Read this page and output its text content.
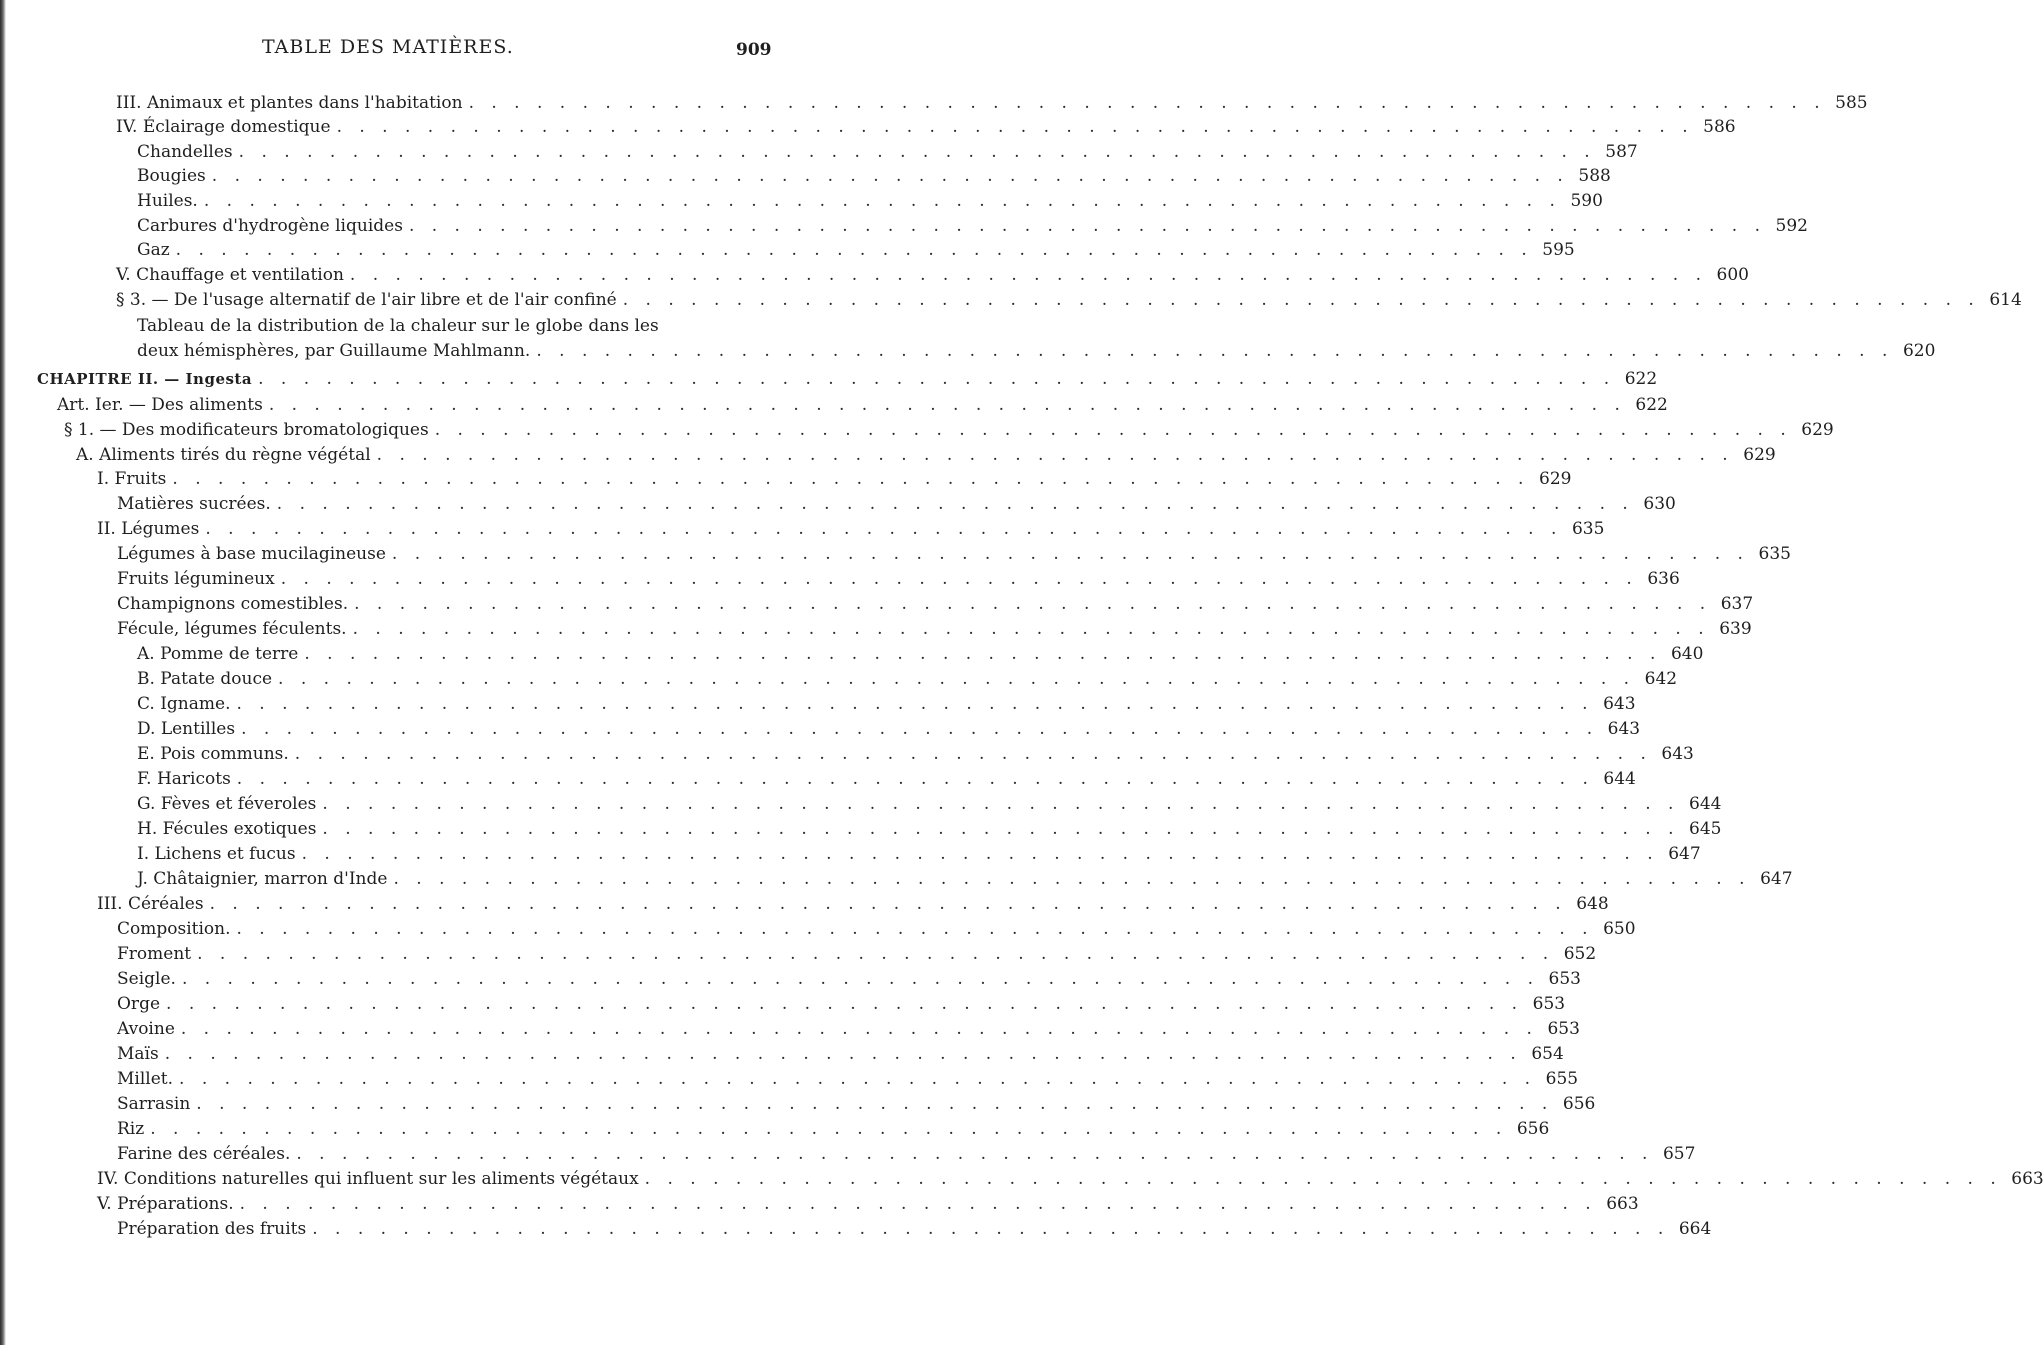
TABLE DES MATIÈRES.	909
III. Animaux et plantes dans l'habitation . . . . . . . . . . . . . . . . . . . . . . . . . . . . . . . . . . . . . . . . . . . . . . . . . . . . . . . . . . . . 585
IV. Éclairage domestique . . . . . . . . . . . . . . . . . . . . . . . . . . . . . . . . . . . . . . . . . . . . . . . . . . . . . . . . . . . . 586
Chandelles . . . . . . . . . . . . . . . . . . . . . . . . . . . . . . . . . . . . . . . . . . . . . . . . . . . . . . . . . . . . 587
Bougies . . . . . . . . . . . . . . . . . . . . . . . . . . . . . . . . . . . . . . . . . . . . . . . . . . . . . . . . . . . . 588
Huiles. . . . . . . . . . . . . . . . . . . . . . . . . . . . . . . . . . . . . . . . . . . . . . . . . . . . . . . . . . . . . 590
Carbures d'hydrogène liquides . . . . . . . . . . . . . . . . . . . . . . . . . . . . . . . . . . . . . . . . . . . . . . . . . . . . . . . . . . . . 592
Gaz . . . . . . . . . . . . . . . . . . . . . . . . . . . . . . . . . . . . . . . . . . . . . . . . . . . . . . . . . . . . 595
V. Chauffage et ventilation . . . . . . . . . . . . . . . . . . . . . . . . . . . . . . . . . . . . . . . . . . . . . . . . . . . . . . . . . . . . 600
§ 3. — De l'usage alternatif de l'air libre et de l'air confiné . . . . . . . . . . . . . . . . . . . . . . . . . . . . . . . . . . . . . . . . . . . . . . . . . . . . . . . . . . . . 614
Tableau de la distribution de la chaleur sur le globe dans les
deux hémisphères, par Guillaume Mahlmann. . . . . . . . . . . . . . . . . . . . . . . . . . . . . . . . . . . . . . . . . . . . . . . . . . . . . . . . . . . . . 620
CHAPITRE II. — Ingesta . . . . . . . . . . . . . . . . . . . . . . . . . . . . . . . . . . . . . . . . . . . . . . . . . . . . . . . . . . . . 622
Art. Ier. — Des aliments . . . . . . . . . . . . . . . . . . . . . . . . . . . . . . . . . . . . . . . . . . . . . . . . . . . . . . . . . . . . 622
§ 1. — Des modificateurs bromatologiques . . . . . . . . . . . . . . . . . . . . . . . . . . . . . . . . . . . . . . . . . . . . . . . . . . . . . . . . . . . . 629
A. Aliments tirés du règne végétal . . . . . . . . . . . . . . . . . . . . . . . . . . . . . . . . . . . . . . . . . . . . . . . . . . . . . . . . . . . . 629
I. Fruits . . . . . . . . . . . . . . . . . . . . . . . . . . . . . . . . . . . . . . . . . . . . . . . . . . . . . . . . . . . . 629
Matières sucrées. . . . . . . . . . . . . . . . . . . . . . . . . . . . . . . . . . . . . . . . . . . . . . . . . . . . . . . . . . . . . 630
II. Légumes . . . . . . . . . . . . . . . . . . . . . . . . . . . . . . . . . . . . . . . . . . . . . . . . . . . . . . . . . . . . 635
Légumes à base mucilagineuse . . . . . . . . . . . . . . . . . . . . . . . . . . . . . . . . . . . . . . . . . . . . . . . . . . . . . . . . . . . . 635
Fruits légumineux . . . . . . . . . . . . . . . . . . . . . . . . . . . . . . . . . . . . . . . . . . . . . . . . . . . . . . . . . . . . 636
Champignons comestibles. . . . . . . . . . . . . . . . . . . . . . . . . . . . . . . . . . . . . . . . . . . . . . . . . . . . . . . . . . . . . 637
Fécule, légumes féculents. . . . . . . . . . . . . . . . . . . . . . . . . . . . . . . . . . . . . . . . . . . . . . . . . . . . . . . . . . . . . 639
A. Pomme de terre . . . . . . . . . . . . . . . . . . . . . . . . . . . . . . . . . . . . . . . . . . . . . . . . . . . . . . . . . . . . 640
B. Patate douce . . . . . . . . . . . . . . . . . . . . . . . . . . . . . . . . . . . . . . . . . . . . . . . . . . . . . . . . . . . . 642
C. Igname. . . . . . . . . . . . . . . . . . . . . . . . . . . . . . . . . . . . . . . . . . . . . . . . . . . . . . . . . . . . . 643
D. Lentilles . . . . . . . . . . . . . . . . . . . . . . . . . . . . . . . . . . . . . . . . . . . . . . . . . . . . . . . . . . . . 643
E. Pois communs. . . . . . . . . . . . . . . . . . . . . . . . . . . . . . . . . . . . . . . . . . . . . . . . . . . . . . . . . . . . . 643
F. Haricots . . . . . . . . . . . . . . . . . . . . . . . . . . . . . . . . . . . . . . . . . . . . . . . . . . . . . . . . . . . . 644
G. Fèves et féveroles . . . . . . . . . . . . . . . . . . . . . . . . . . . . . . . . . . . . . . . . . . . . . . . . . . . . . . . . . . . . 644
H. Fécules exotiques . . . . . . . . . . . . . . . . . . . . . . . . . . . . . . . . . . . . . . . . . . . . . . . . . . . . . . . . . . . . 645
I. Lichens et fucus . . . . . . . . . . . . . . . . . . . . . . . . . . . . . . . . . . . . . . . . . . . . . . . . . . . . . . . . . . . . 647
J. Châtaignier, marron d'Inde . . . . . . . . . . . . . . . . . . . . . . . . . . . . . . . . . . . . . . . . . . . . . . . . . . . . . . . . . . . . 647
III. Céréales . . . . . . . . . . . . . . . . . . . . . . . . . . . . . . . . . . . . . . . . . . . . . . . . . . . . . . . . . . . . 648
Composition. . . . . . . . . . . . . . . . . . . . . . . . . . . . . . . . . . . . . . . . . . . . . . . . . . . . . . . . . . . . . 650
Froment . . . . . . . . . . . . . . . . . . . . . . . . . . . . . . . . . . . . . . . . . . . . . . . . . . . . . . . . . . . . 652
Seigle. . . . . . . . . . . . . . . . . . . . . . . . . . . . . . . . . . . . . . . . . . . . . . . . . . . . . . . . . . . . . 653
Orge . . . . . . . . . . . . . . . . . . . . . . . . . . . . . . . . . . . . . . . . . . . . . . . . . . . . . . . . . . . . 653
Avoine . . . . . . . . . . . . . . . . . . . . . . . . . . . . . . . . . . . . . . . . . . . . . . . . . . . . . . . . . . . . 653
Maïs . . . . . . . . . . . . . . . . . . . . . . . . . . . . . . . . . . . . . . . . . . . . . . . . . . . . . . . . . . . . 654
Millet. . . . . . . . . . . . . . . . . . . . . . . . . . . . . . . . . . . . . . . . . . . . . . . . . . . . . . . . . . . . . 655
Sarrasin . . . . . . . . . . . . . . . . . . . . . . . . . . . . . . . . . . . . . . . . . . . . . . . . . . . . . . . . . . . . 656
Riz . . . . . . . . . . . . . . . . . . . . . . . . . . . . . . . . . . . . . . . . . . . . . . . . . . . . . . . . . . . . 656
Farine des céréales. . . . . . . . . . . . . . . . . . . . . . . . . . . . . . . . . . . . . . . . . . . . . . . . . . . . . . . . . . . . . 657
IV. Conditions naturelles qui influent sur les aliments végétaux . . . . . . . . . . . . . . . . . . . . . . . . . . . . . . . . . . . . . . . . . . . . . . . . . . . . . . . . . . . . 663
V. Préparations. . . . . . . . . . . . . . . . . . . . . . . . . . . . . . . . . . . . . . . . . . . . . . . . . . . . . . . . . . . . . 663
Préparation des fruits . . . . . . . . . . . . . . . . . . . . . . . . . . . . . . . . . . . . . . . . . . . . . . . . . . . . . . . . . . . . 664
